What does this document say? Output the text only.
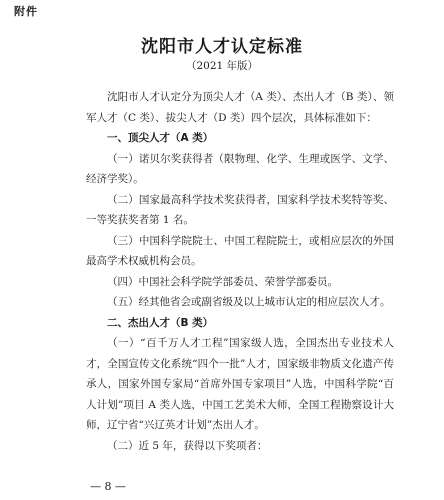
附件
沈阳市人才认定标准
（2021 年版）

沈阳市人才认定分为顶尖人才（A 类）、杰出人才（B 类）、领军人才（C 类）、拔尖人才（D 类）四个层次，具体标准如下：

一、顶尖人才（A 类）

（一）诺贝尔奖获得者（限物理、化学、生理或医学、文学、经济学奖）。

（二）国家最高科学技术奖获得者，国家科学技术奖特等奖、一等奖获奖者第 1 名。

（三）中国科学院院士、中国工程院院士，或相应层次的外国最高学术权威机构会员。

（四）中国社会科学院学部委员、荣誉学部委员。

（五）经其他省会或副省级及以上城市认定的相应层次人才。

二、杰出人才（B 类）

（一）“百千万人才工程”国家级人选，全国杰出专业技术人才，全国宣传文化系统“四个一批”人才，国家级非物质文化遗产传承人，国家外国专家局“首席外国专家项目”人选，中国科学院“百人计划”项目 A 类人选，中国工艺美术大师，全国工程勘察设计大师，辽宁省“兴辽英才计划”杰出人才。

（二）近 5 年，获得以下奖项者：

— 8 —
